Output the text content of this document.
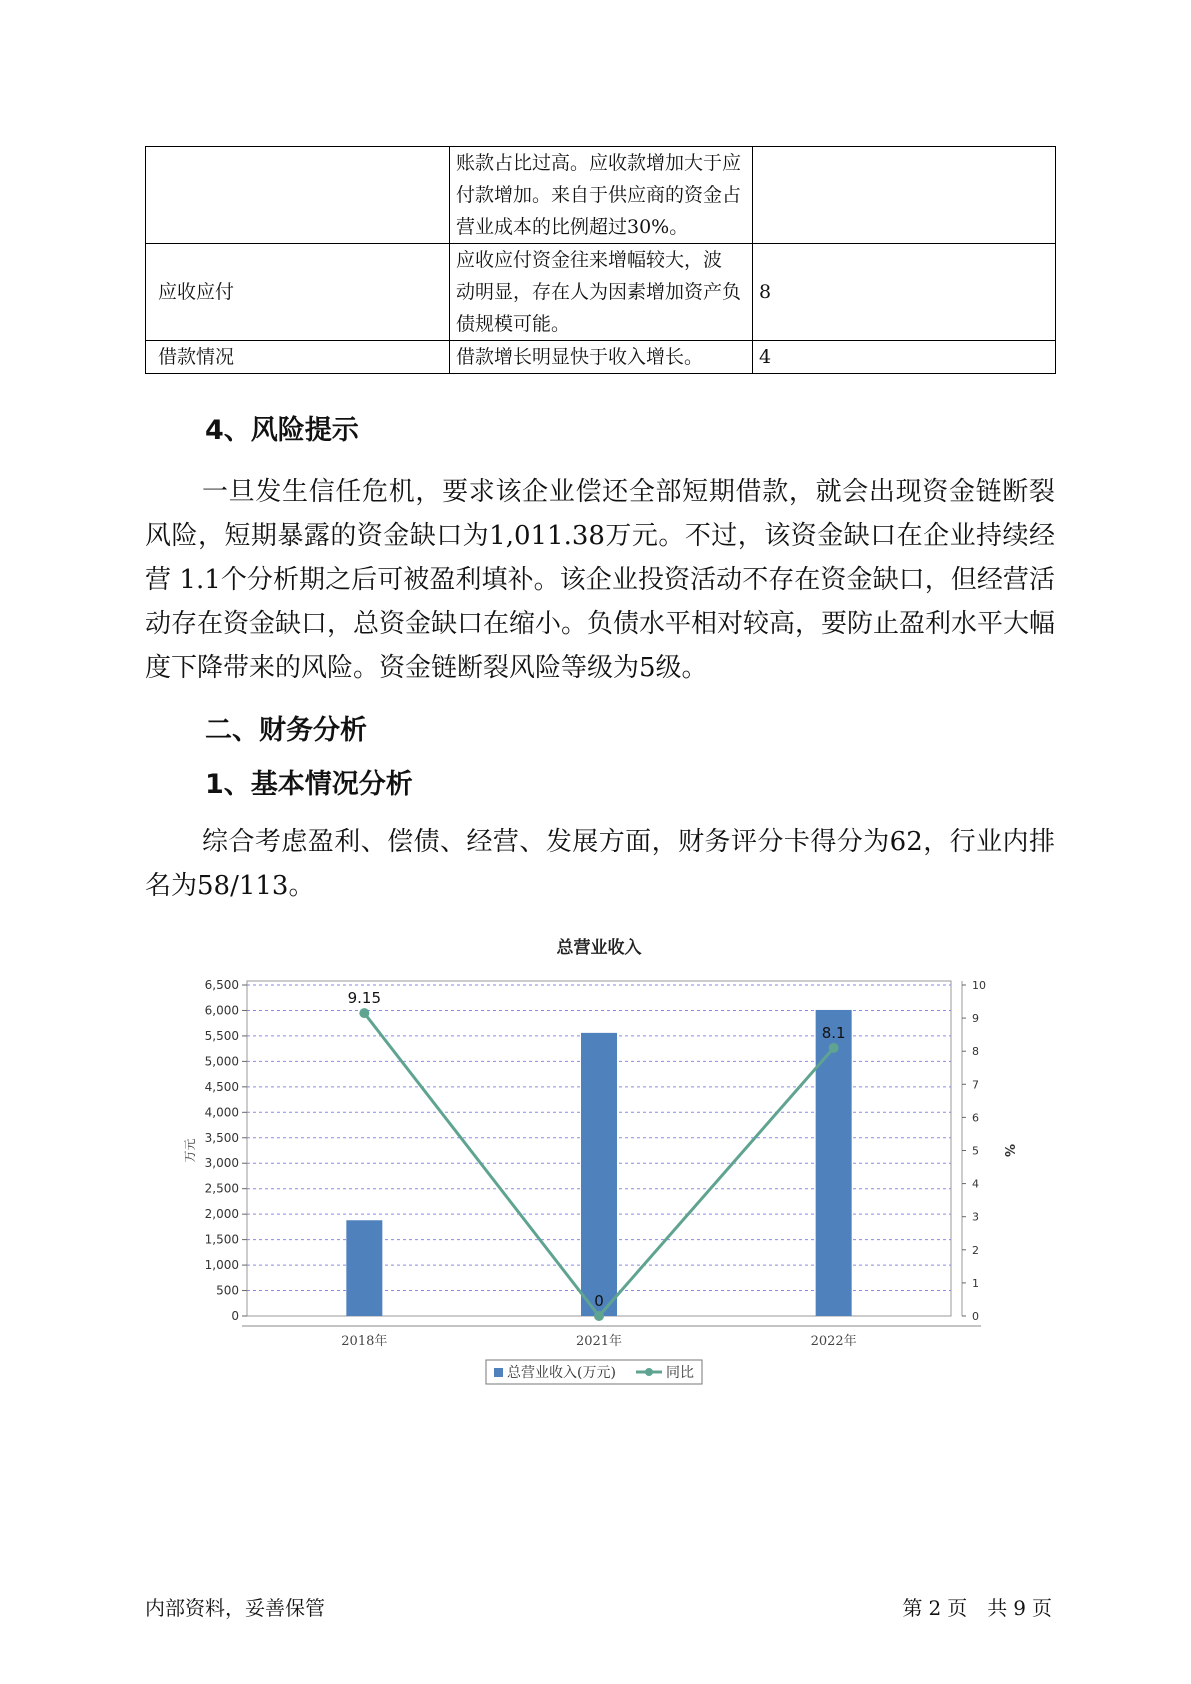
	账款占比过高。应收款增加大于应
付款增加。来自于供应商的资金占
营业成本的比例超过30%。	

应收应付	应收应付资金往来增幅较大，波
动明显，存在人为因素增加资产负
债规模可能。	8
借款情况	借款增长明显快于收入增长。	4
4、风险提示

一旦发生信任危机，要求该企业偿还全部短期借款，就会出现资金链断裂风险，短期暴露的资金缺口为1,011.38万元。不过，该资金缺口在企业持续经营 1.1个分析期之后可被盈利填补。该企业投资活动不存在资金缺口，但经营活动存在资金缺口，总资金缺口在缩小。负债水平相对较高，要防止盈利水平大幅度下降带来的风险。资金链断裂风险等级为5级。

二、财务分析
1、基本情况分析

综合考虑盈利、偿债、经营、发展方面，财务评分卡得分为62，行业内排名为58/113。

总营业收入
0
500
1,000
1,500
2,000
2,500
3,000
3,500
4,000
4,500
5,000
5,500
6,000
6,500
0
1
2
3
4
5
6
7
8
9
10
万元	%
2018年	2021年	2022年
9.15
0
8.1
总营业收入(万元)	同比
内部资料，妥善保管	第 2 页　共 9 页
